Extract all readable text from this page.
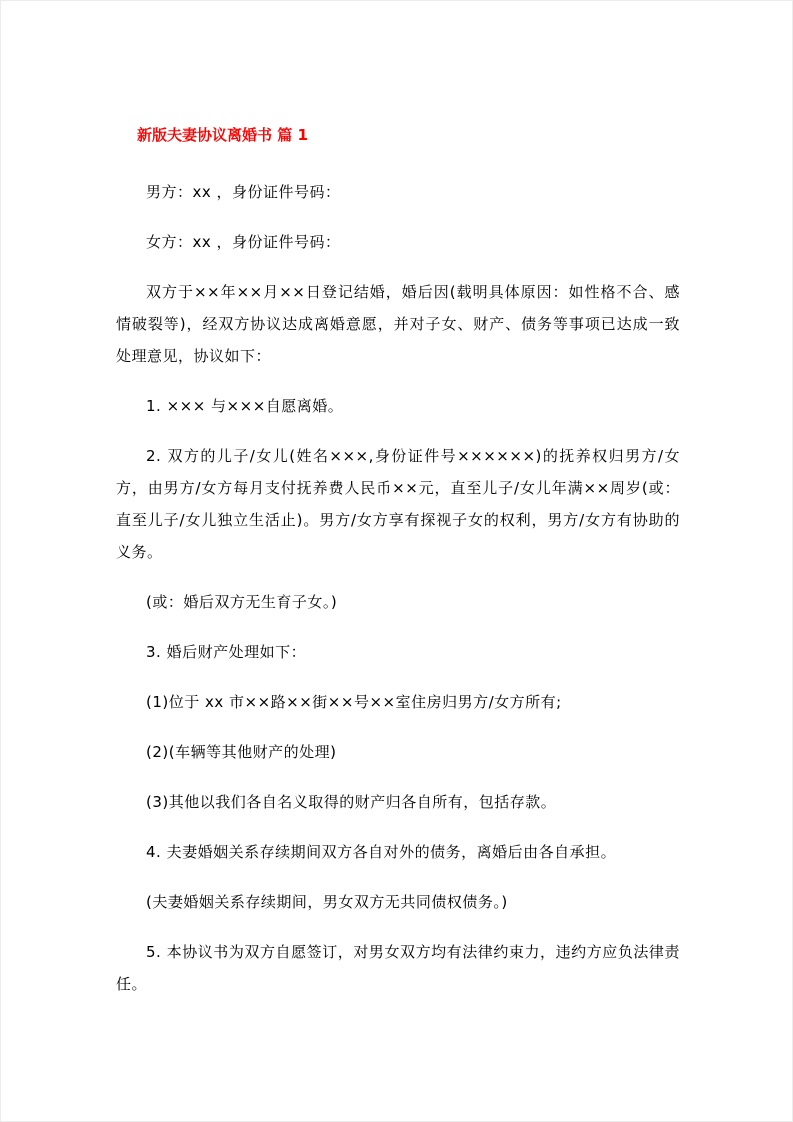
新版夫妻协议离婚书 篇 1

男方：xx ，身份证件号码：

女方：xx ，身份证件号码：

双方于××年××月××日登记结婚，婚后因(载明具体原因：如性格不合、感情破裂等)，经双方协议达成离婚意愿，并对子女、财产、债务等事项已达成一致处理意见，协议如下：

1. ××× 与×××自愿离婚。

2. 双方的儿子/女儿(姓名×××,身份证件号××××××)的抚养权归男方/女方，由男方/女方每月支付抚养费人民币××元，直至儿子/女儿年满××周岁(或：直至儿子/女儿独立生活止)。男方/女方享有探视子女的权利，男方/女方有协助的义务。

(或：婚后双方无生育子女。)

3. 婚后财产处理如下：

(1)位于 xx 市××路××街××号××室住房归男方/女方所有;

(2)(车辆等其他财产的处理)

(3)其他以我们各自名义取得的财产归各自所有，包括存款。

4. 夫妻婚姻关系存续期间双方各自对外的债务，离婚后由各自承担。

(夫妻婚姻关系存续期间，男女双方无共同债权债务。)

5. 本协议书为双方自愿签订，对男女双方均有法律约束力，违约方应负法律责任。
